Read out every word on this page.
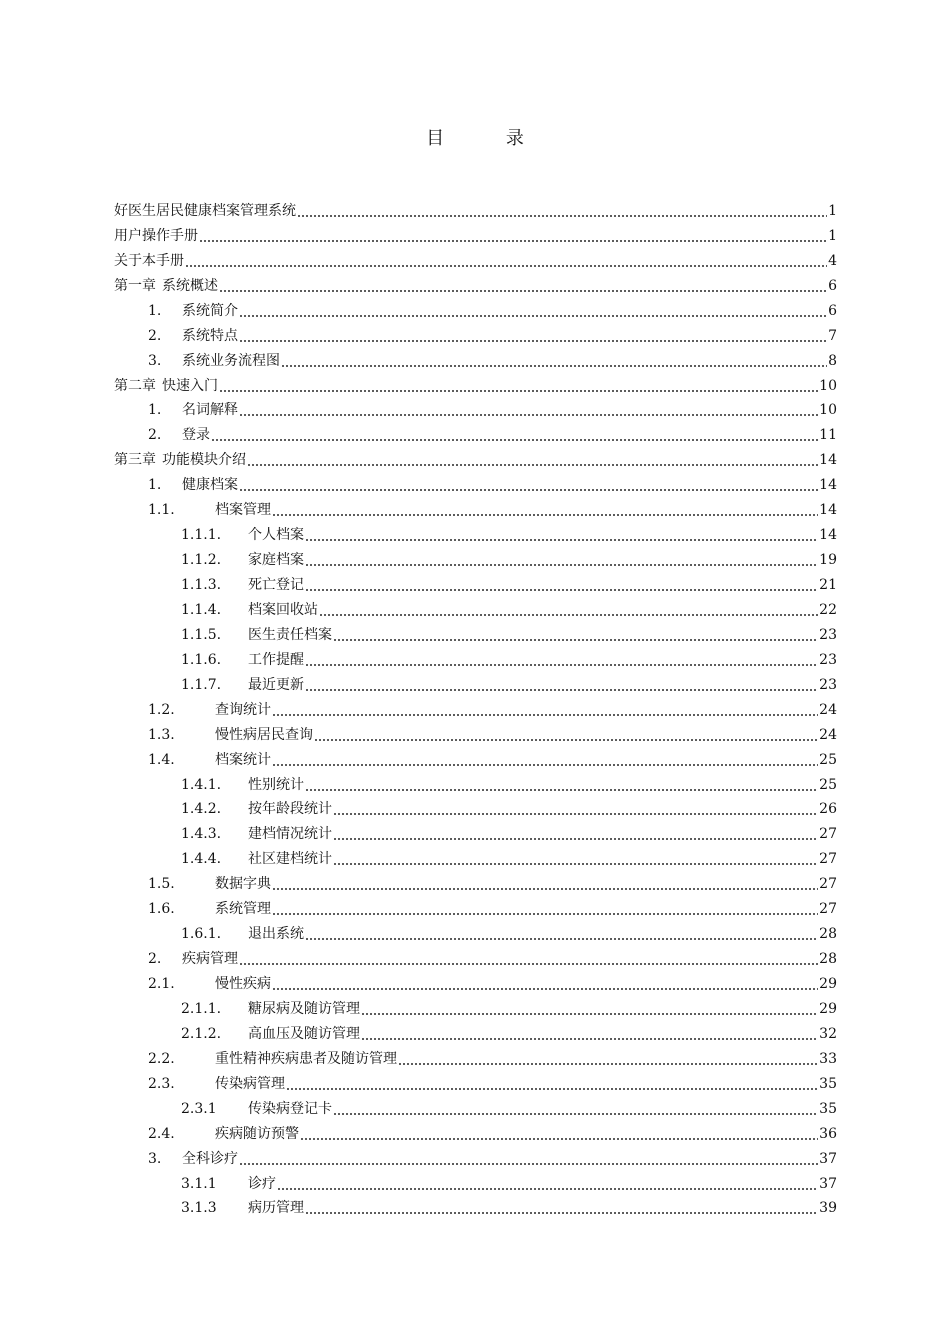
目 录
好医生居民健康档案管理系统	1
用户操作手册	1
关于本手册	4
第一章 系统概述	6
1.	系统简介	6
2.	系统特点	7
3.	系统业务流程图	8
第二章 快速入门	10
1.	名词解释	10
2.	登录	11
第三章 功能模块介绍	14
1.	健康档案	14
1.1.	档案管理	14
1.1.1.	个人档案	14
1.1.2.	家庭档案	19
1.1.3.	死亡登记	21
1.1.4.	档案回收站	22
1.1.5.	医生责任档案	23
1.1.6.	工作提醒	23
1.1.7.	最近更新	23
1.2.	查询统计	24
1.3.	慢性病居民查询	24
1.4.	档案统计	25
1.4.1.	性别统计	25
1.4.2.	按年龄段统计	26
1.4.3.	建档情况统计	27
1.4.4.	社区建档统计	27
1.5.	数据字典	27
1.6.	系统管理	27
1.6.1.	退出系统	28
2.	疾病管理	28
2.1.	慢性疾病	29
2.1.1.	糖尿病及随访管理	29
2.1.2.	高血压及随访管理	32
2.2.	重性精神疾病患者及随访管理	33
2.3.	传染病管理	35
2.3.1	传染病登记卡	35
2.4.	疾病随访预警	36
3.	全科诊疗	37
3.1.1	诊疗	37
3.1.3	病历管理	39
